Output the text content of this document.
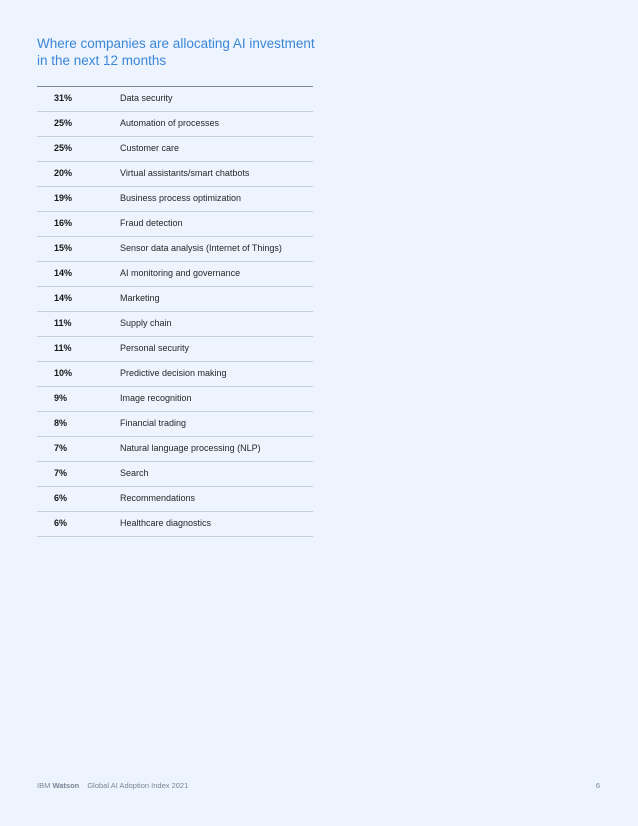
Where companies are allocating AI investment
in the next 12 months
31%	Data security
25%	Automation of processes
25%	Customer care
20%	Virtual assistants/smart chatbots
19%	Business process optimization
16%	Fraud detection
15%	Sensor data analysis (Internet of Things)
14%	AI monitoring and governance
14%	Marketing
11%	Supply chain
11%	Personal security
10%	Predictive decision making
9%	Image recognition
8%	Financial trading
7%	Natural language processing (NLP)
7%	Search
6%	Recommendations
6%	Healthcare diagnostics
IBM Watson Global AI Adoption Index 2021	6
